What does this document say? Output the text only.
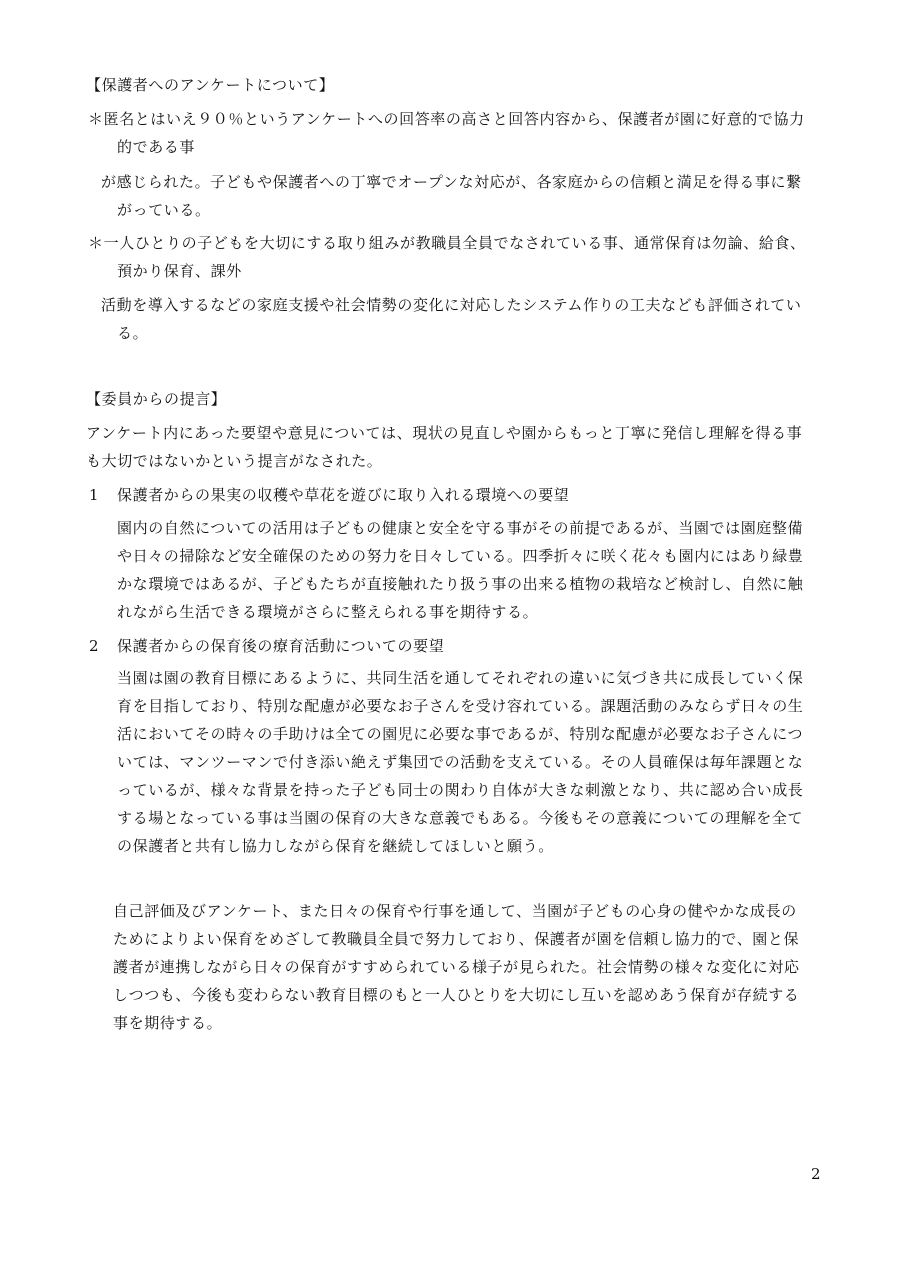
【保護者へのアンケートについて】
＊匿名とはいえ９０％というアンケートへの回答率の高さと回答内容から、保護者が園に好意的で協力
的である事
が感じられた。子どもや保護者への丁寧でオープンな対応が、各家庭からの信頼と満足を得る事に繋
がっている。
＊一人ひとりの子どもを大切にする取り組みが教職員全員でなされている事、通常保育は勿論、給食、
預かり保育、課外
活動を導入するなどの家庭支援や社会情勢の変化に対応したシステム作りの工夫なども評価されてい
る。
【委員からの提言】
アンケート内にあった要望や意見については、現状の見直しや園からもっと丁寧に発信し理解を得る事
も大切ではないかという提言がなされた。
1 保護者からの果実の収穫や草花を遊びに取り入れる環境への要望
園内の自然についての活用は子どもの健康と安全を守る事がその前提であるが、当園では園庭整備
や日々の掃除など安全確保のための努力を日々している。四季折々に咲く花々も園内にはあり緑豊
かな環境ではあるが、子どもたちが直接触れたり扱う事の出来る植物の栽培など検討し、自然に触
れながら生活できる環境がさらに整えられる事を期待する。
2 保護者からの保育後の療育活動についての要望
当園は園の教育目標にあるように、共同生活を通してそれぞれの違いに気づき共に成長していく保
育を目指しており、特別な配慮が必要なお子さんを受け容れている。課題活動のみならず日々の生
活においてその時々の手助けは全ての園児に必要な事であるが、特別な配慮が必要なお子さんにつ
いては、マンツーマンで付き添い絶えず集団での活動を支えている。その人員確保は毎年課題とな
っているが、様々な背景を持った子ども同士の関わり自体が大きな刺激となり、共に認め合い成長
する場となっている事は当園の保育の大きな意義でもある。今後もその意義についての理解を全て
の保護者と共有し協力しながら保育を継続してほしいと願う。
自己評価及びアンケート、また日々の保育や行事を通して、当園が子どもの心身の健やかな成長の
ためによりよい保育をめざして教職員全員で努力しており、保護者が園を信頼し協力的で、園と保
護者が連携しながら日々の保育がすすめられている様子が見られた。社会情勢の様々な変化に対応
しつつも、今後も変わらない教育目標のもと一人ひとりを大切にし互いを認めあう保育が存続する
事を期待する。
2
